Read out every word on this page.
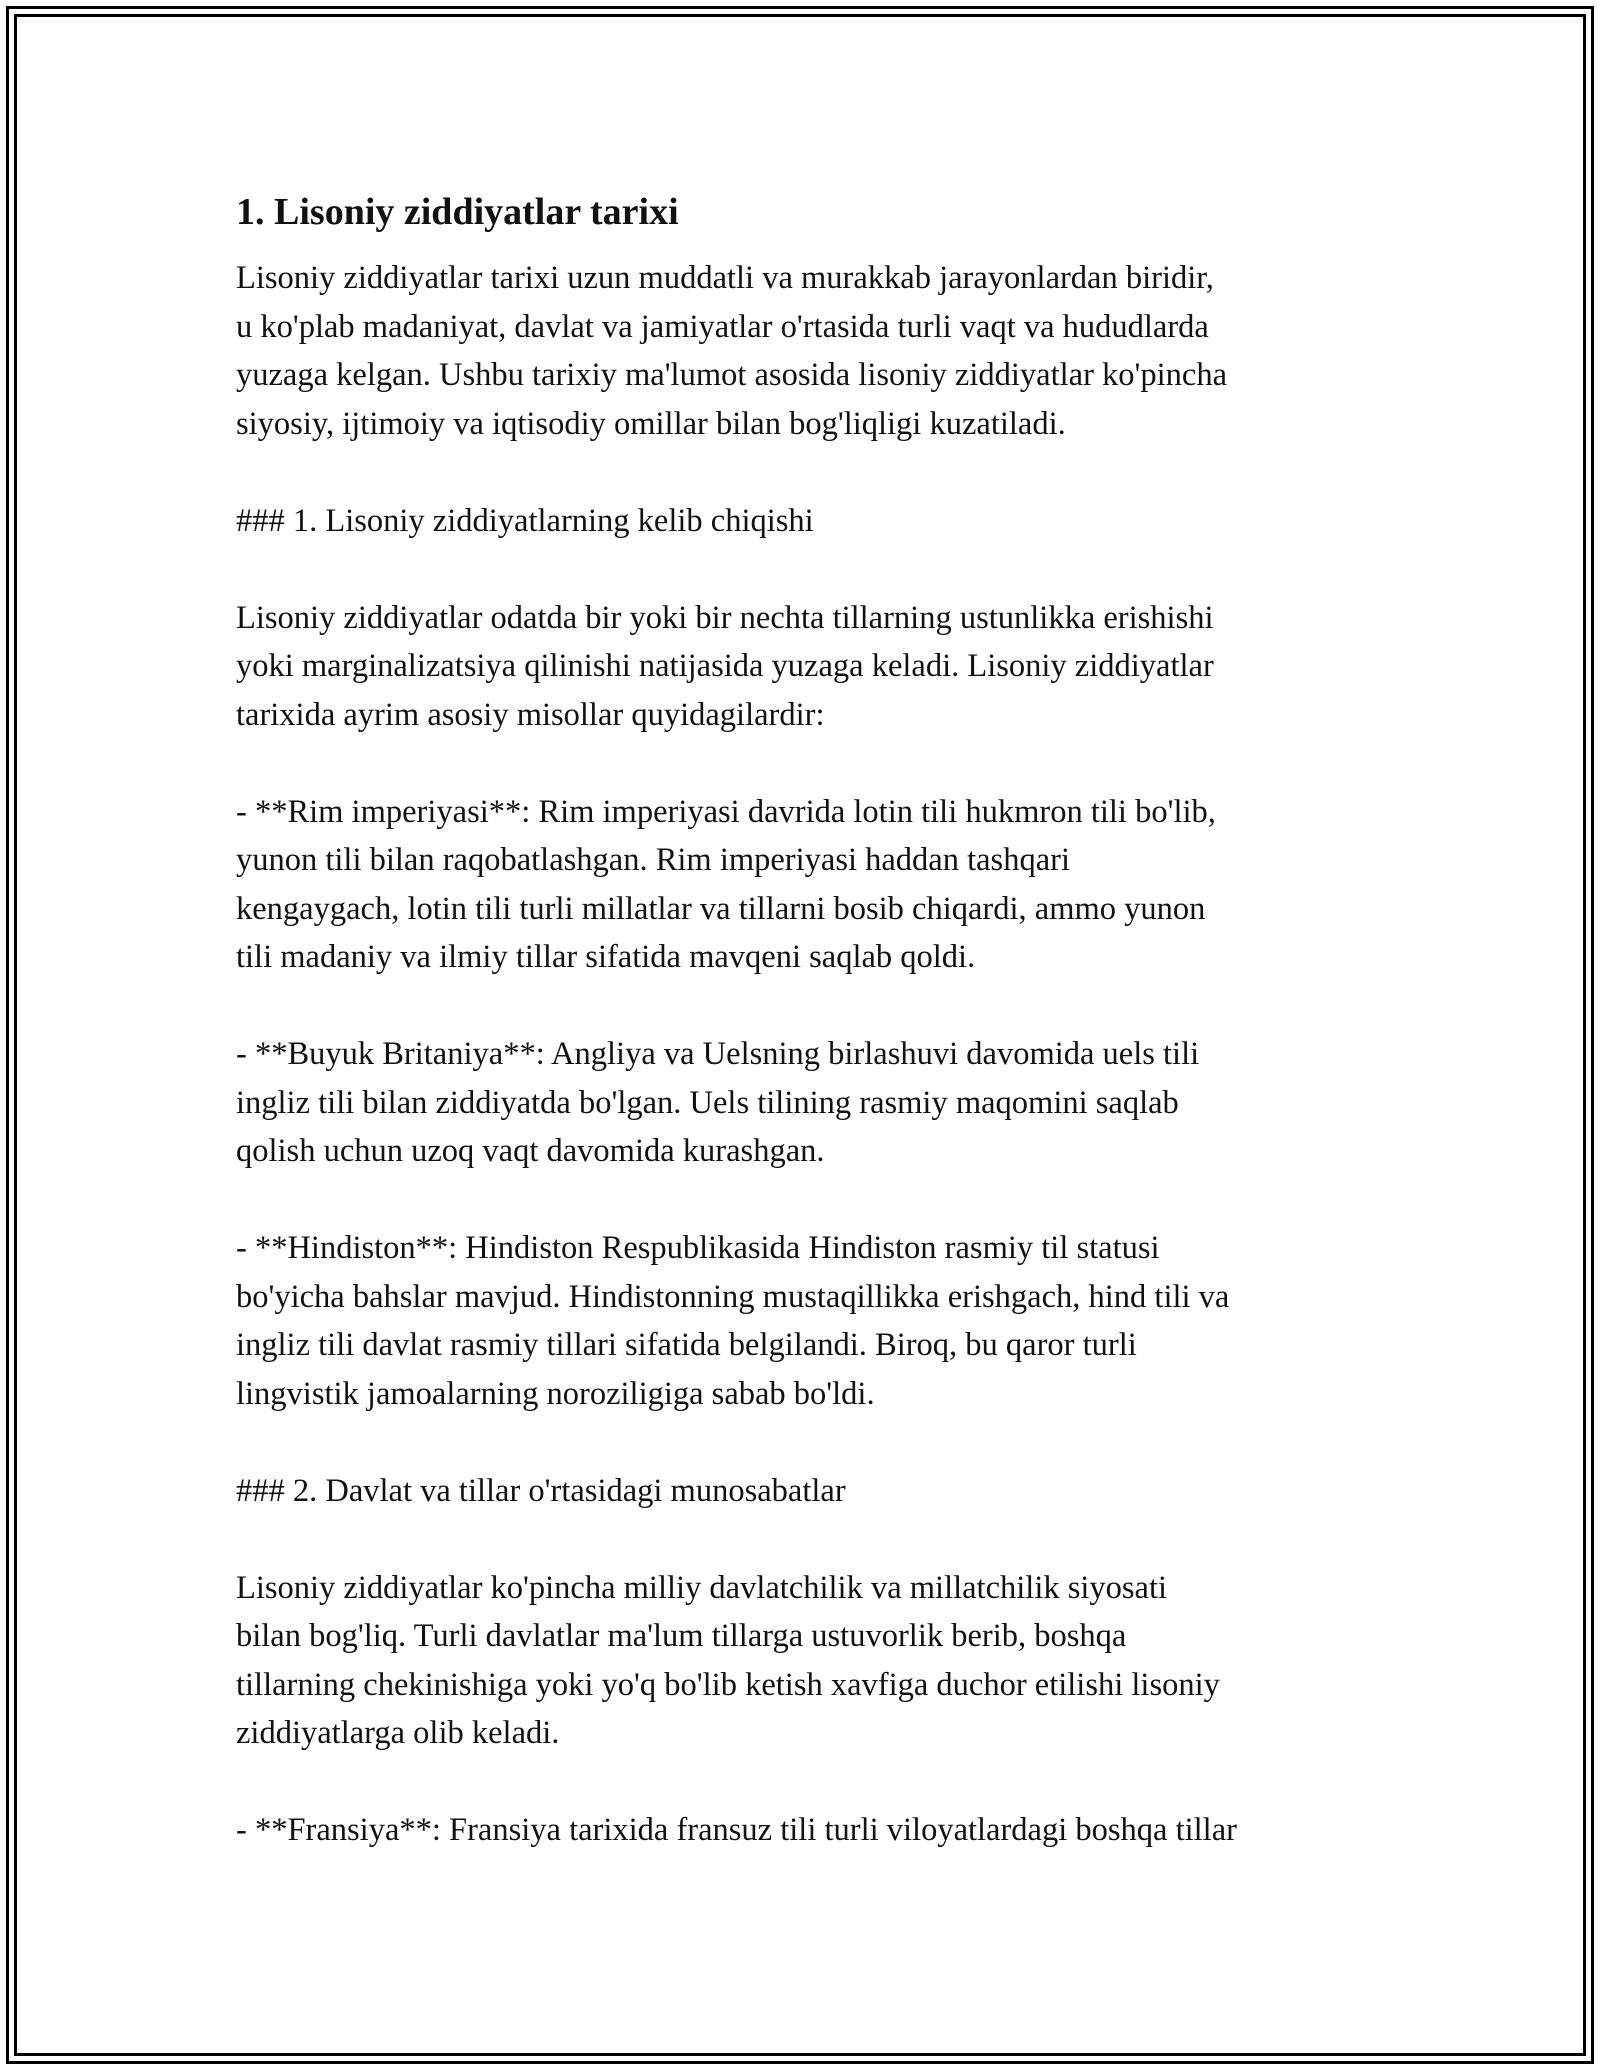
1. Lisoniy ziddiyatlar tarixi

Lisoniy ziddiyatlar tarixi uzun muddatli va murakkab jarayonlardan biridir,
u ko'plab madaniyat, davlat va jamiyatlar o'rtasida turli vaqt va hududlarda
yuzaga kelgan. Ushbu tarixiy ma'lumot asosida lisoniy ziddiyatlar ko'pincha
siyosiy, ijtimoiy va iqtisodiy omillar bilan bog'liqligi kuzatiladi.

### 1. Lisoniy ziddiyatlarning kelib chiqishi

Lisoniy ziddiyatlar odatda bir yoki bir nechta tillarning ustunlikka erishishi
yoki marginalizatsiya qilinishi natijasida yuzaga keladi. Lisoniy ziddiyatlar
tarixida ayrim asosiy misollar quyidagilardir:

- **Rim imperiyasi**: Rim imperiyasi davrida lotin tili hukmron tili bo'lib,
yunon tili bilan raqobatlashgan. Rim imperiyasi haddan tashqari
kengaygach, lotin tili turli millatlar va tillarni bosib chiqardi, ammo yunon
tili madaniy va ilmiy tillar sifatida mavqeni saqlab qoldi.

- **Buyuk Britaniya**: Angliya va Uelsning birlashuvi davomida uels tili
ingliz tili bilan ziddiyatda bo'lgan. Uels tilining rasmiy maqomini saqlab
qolish uchun uzoq vaqt davomida kurashgan.

- **Hindiston**: Hindiston Respublikasida Hindiston rasmiy til statusi
bo'yicha bahslar mavjud. Hindistonning mustaqillikka erishgach, hind tili va
ingliz tili davlat rasmiy tillari sifatida belgilandi. Biroq, bu qaror turli
lingvistik jamoalarning noroziligiga sabab bo'ldi.

### 2. Davlat va tillar o'rtasidagi munosabatlar

Lisoniy ziddiyatlar ko'pincha milliy davlatchilik va millatchilik siyosati
bilan bog'liq. Turli davlatlar ma'lum tillarga ustuvorlik berib, boshqa
tillarning chekinishiga yoki yo'q bo'lib ketish xavfiga duchor etilishi lisoniy
ziddiyatlarga olib keladi.

- **Fransiya**: Fransiya tarixida fransuz tili turli viloyatlardagi boshqa tillar
